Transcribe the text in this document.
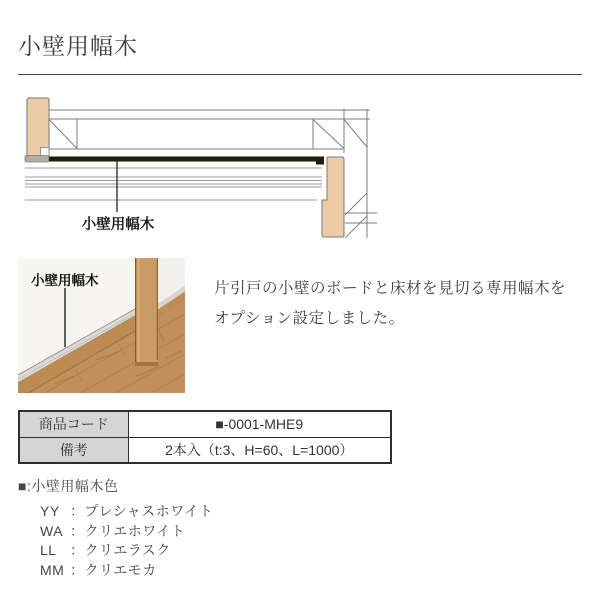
小壁用幅木
小壁用幅木
小壁用幅木	片引戸の小壁のボードと床材を見切る専用幅木を
オプション設定しました。

商品コード	■-0001-MHE9
備考	2本入（t:3、H=60、L=1000）
■:小壁用幅木色
YY ：プレシャスホワイト
WA ：クリエホワイト
LL ：クリエラスク
MM ：クリエモカ
